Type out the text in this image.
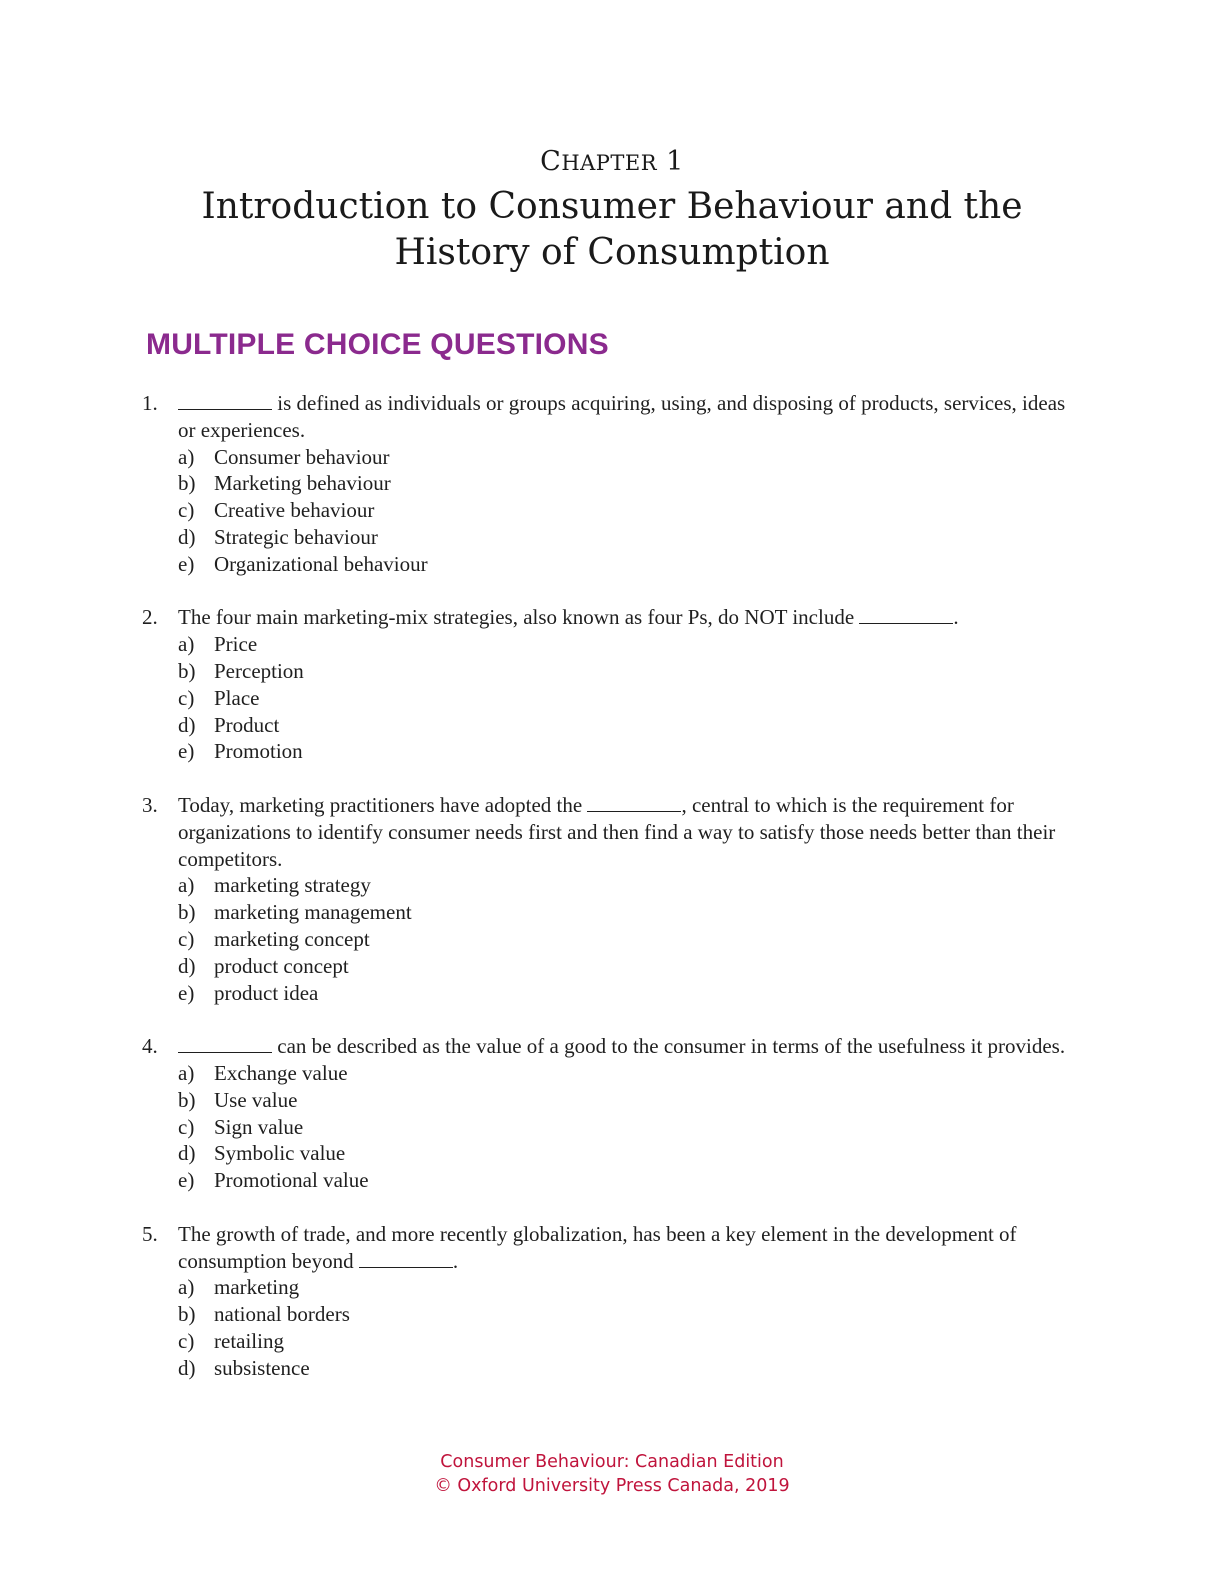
CHAPTER 1
Introduction to Consumer Behaviour and the
History of Consumption
MULTIPLE CHOICE QUESTIONS
1.	is defined as individuals or groups acquiring, using, and disposing of products, services, ideas or experiences.
a) Consumer behaviour
b) Marketing behaviour
c) Creative behaviour
d) Strategic behaviour
e) Organizational behaviour
2. The four main marketing-mix strategies, also known as four Ps, do NOT include	.
a) Price
b) Perception
c) Place
d) Product
e) Promotion
3. Today, marketing practitioners have adopted the	, central to which is the requirement for organizations to identify consumer needs first and then find a way to satisfy those needs better than their competitors.
a) marketing strategy
b) marketing management
c) marketing concept
d) product concept
e) product idea
4.	can be described as the value of a good to the consumer in terms of the usefulness it provides.
a) Exchange value
b) Use value
c) Sign value
d) Symbolic value
e) Promotional value
5. The growth of trade, and more recently globalization, has been a key element in the development of consumption beyond	.
a) marketing
b) national borders
c) retailing
d) subsistence
Consumer Behaviour: Canadian Edition
© Oxford University Press Canada, 2019
